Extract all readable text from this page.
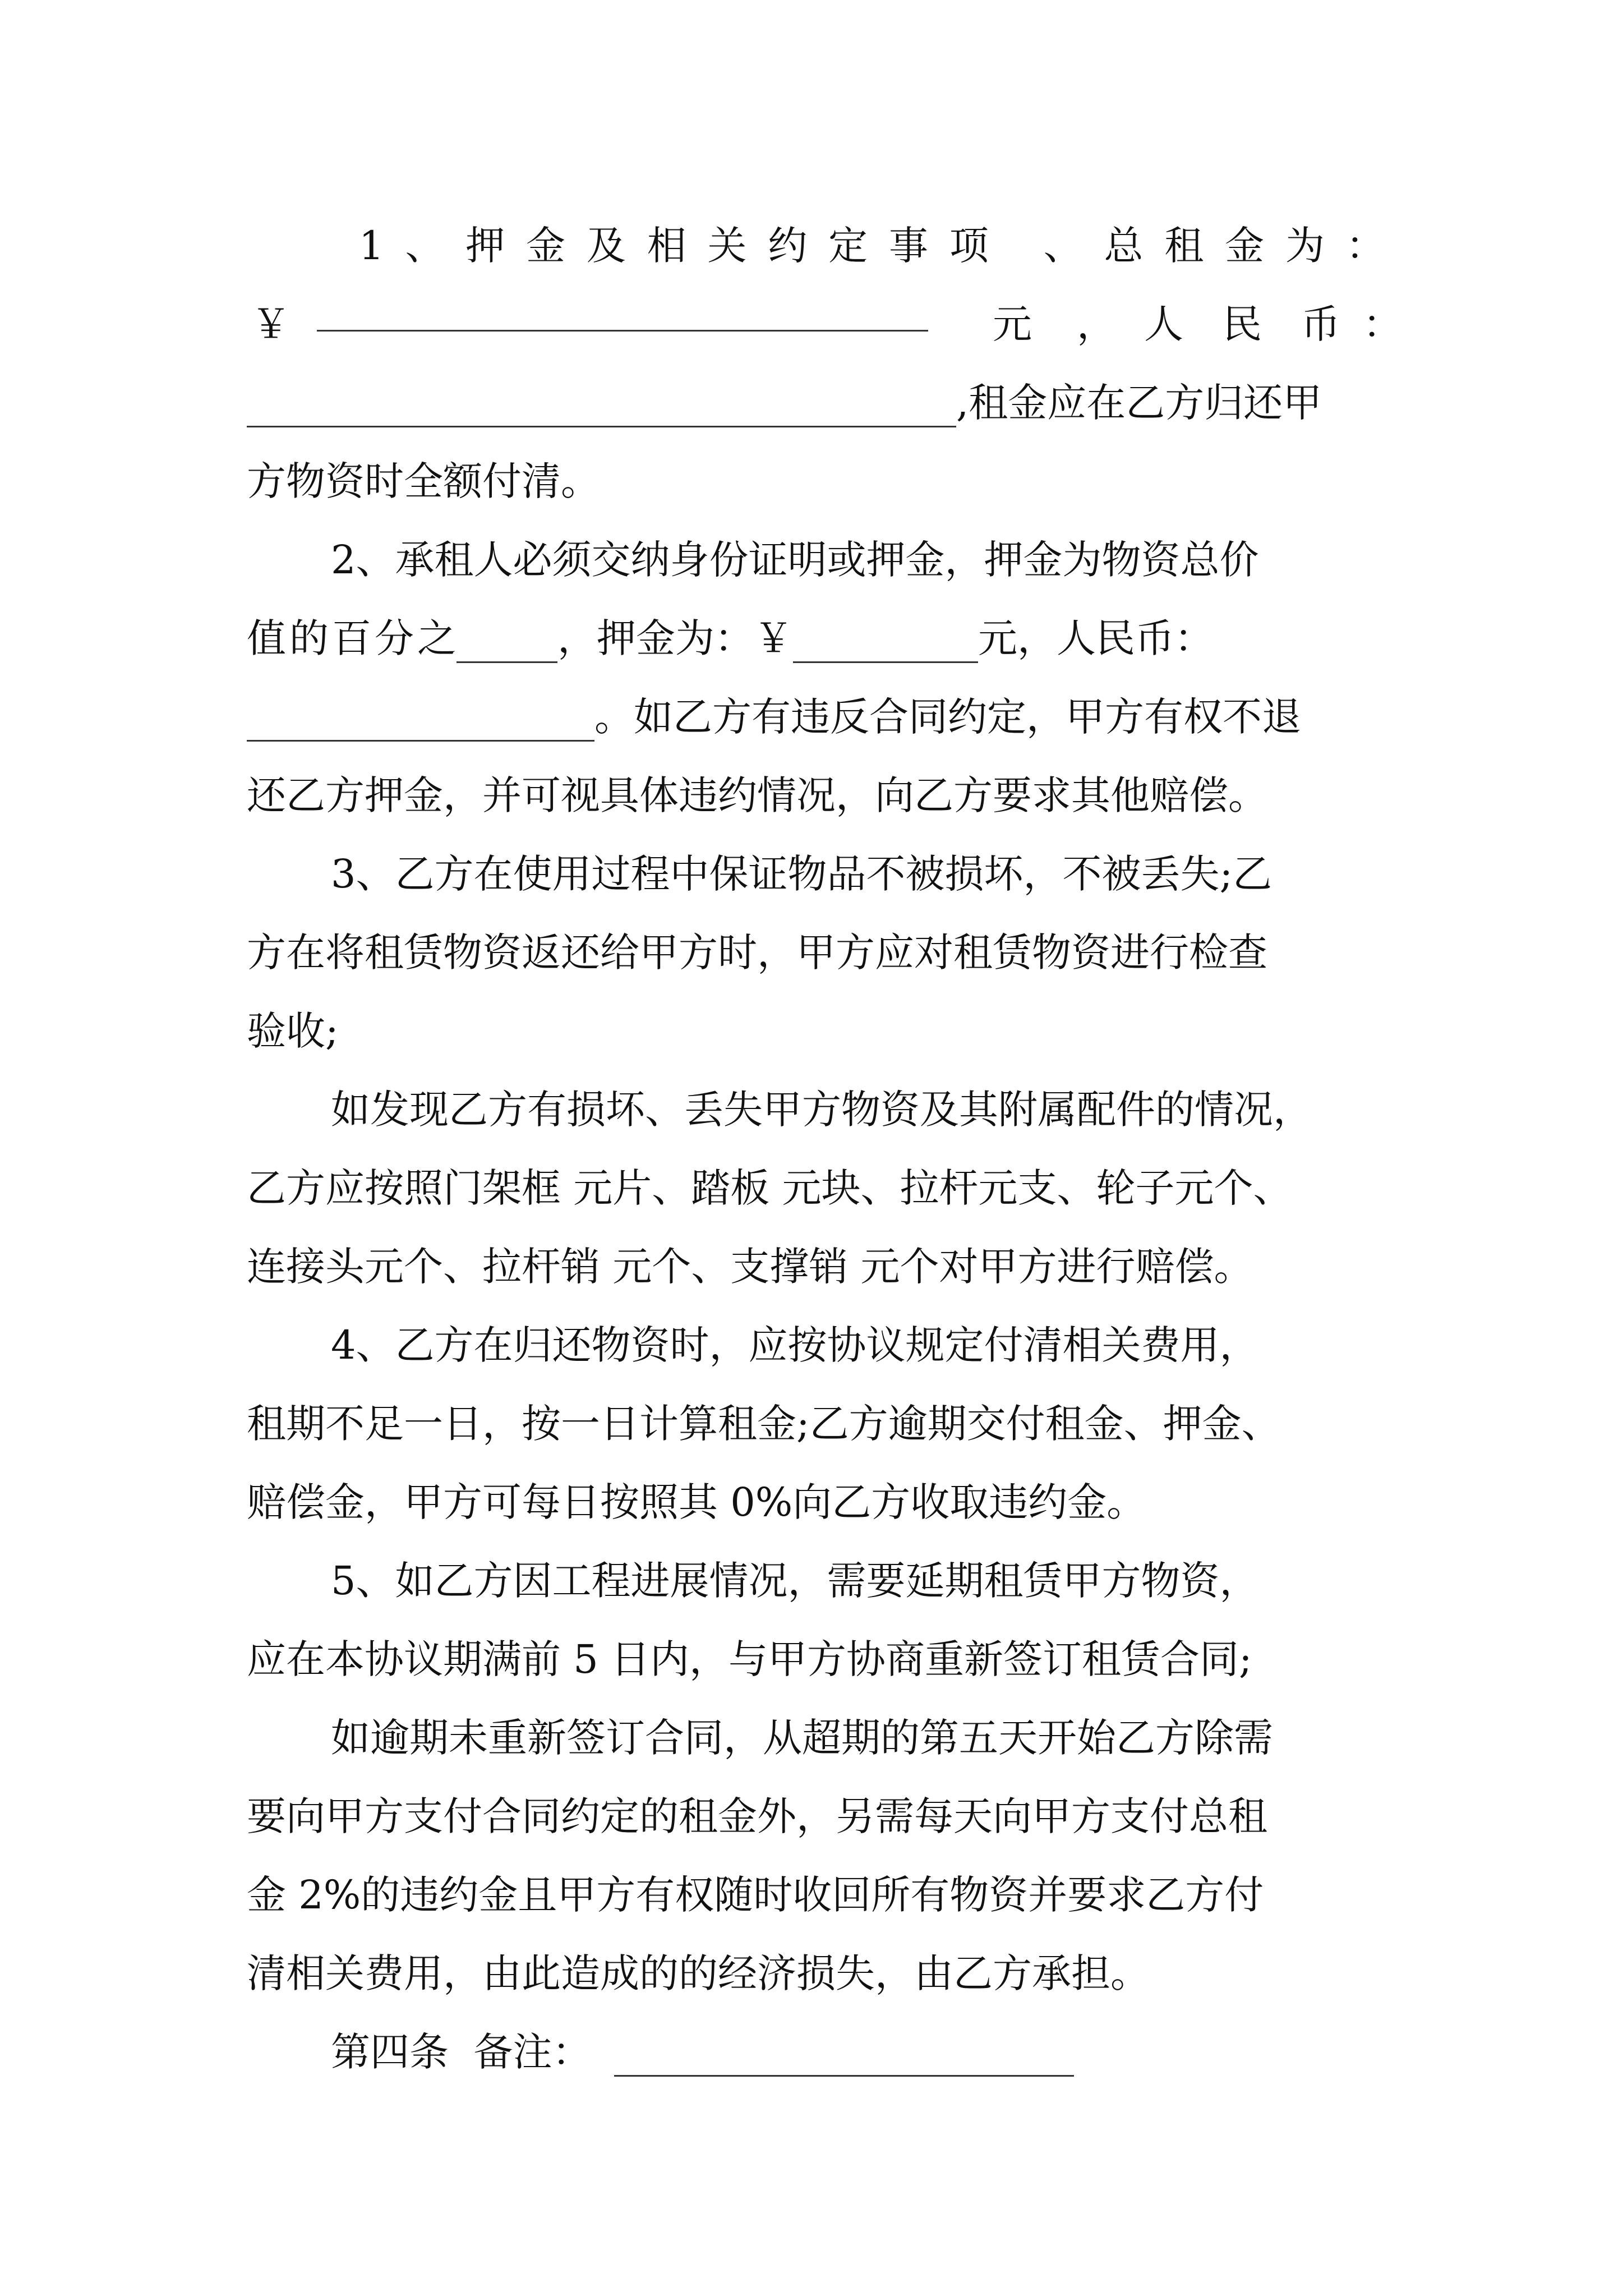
1 、 押 金 及 相 关 约 定 事 项 、 总 租 金 为 ：
￥	元 ， 人 民 币 ：
,租金应在乙方归还甲
方物资时全额付清。
2、承租人必须交纳身份证明或押金，押金为物资总价
值的百分之	，押金为：￥	元，人民币：
。如乙方有违反合同约定，甲方有权不退
还乙方押金，并可视具体违约情况，向乙方要求其他赔偿。
3、乙方在使用过程中保证物品不被损坏，不被丢失;乙
方在将租赁物资返还给甲方时，甲方应对租赁物资进行检查
验收;
如发现乙方有损坏、丢失甲方物资及其附属配件的情况，
乙方应按照门架框 元片、踏板 元块、拉杆元支、轮子元个、
连接头元个、拉杆销 元个、支撑销 元个对甲方进行赔偿。
4、乙方在归还物资时，应按协议规定付清相关费用，
租期不足一日，按一日计算租金;乙方逾期交付租金、押金、
赔偿金，甲方可每日按照其 0%向乙方收取违约金。
5、如乙方因工程进展情况，需要延期租赁甲方物资，
应在本协议期满前 5 日内，与甲方协商重新签订租赁合同;
如逾期未重新签订合同，从超期的第五天开始乙方除需
要向甲方支付合同约定的租金外，另需每天向甲方支付总租
金 2%的违约金且甲方有权随时收回所有物资并要求乙方付
清相关费用，由此造成的的经济损失，由乙方承担。
第四条  备注：
